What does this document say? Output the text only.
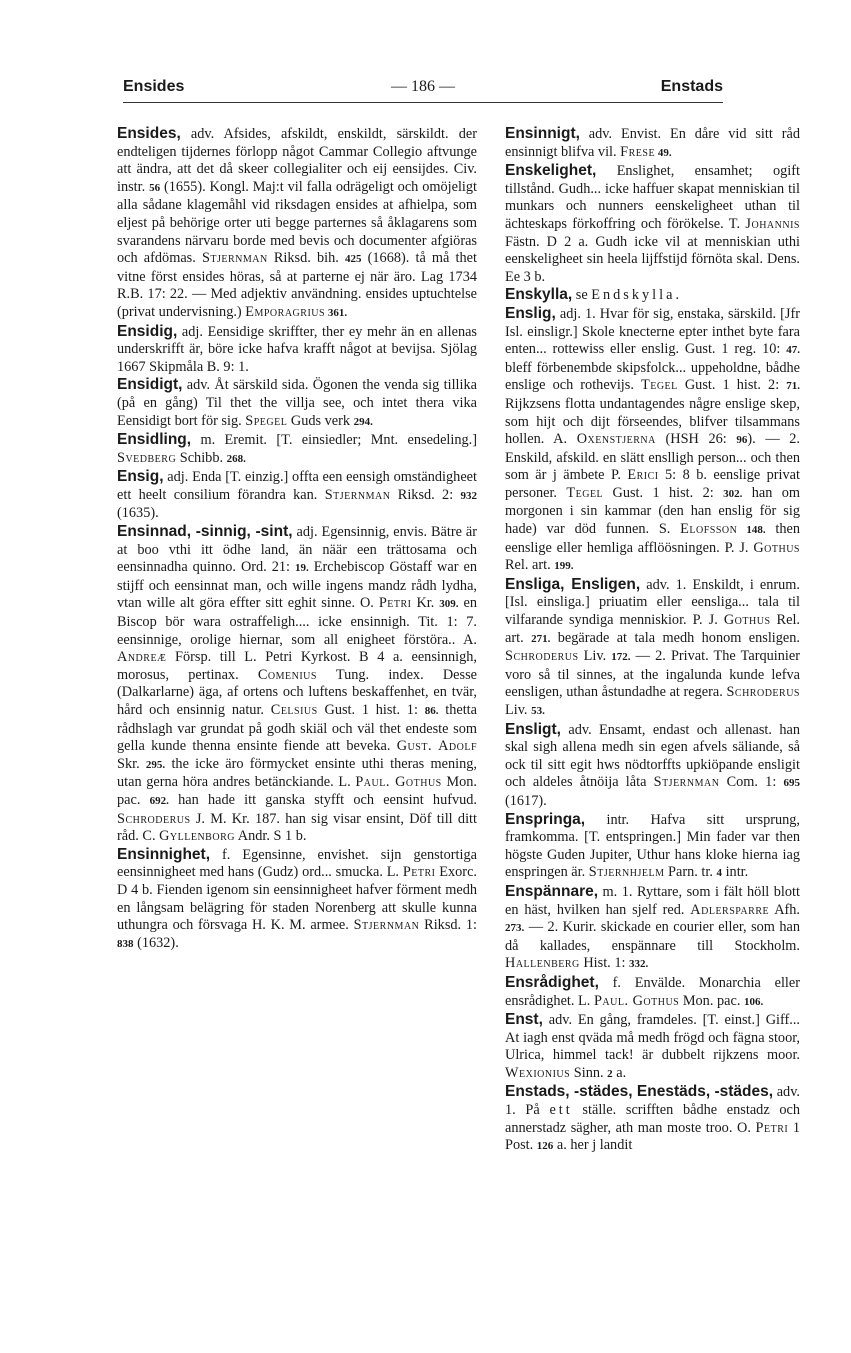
Ensides	— 186 —	Enstads

Ensides, adv. Afsides, afskildt, enskildt, särskildt. der endteligen tijdernes förlopp något Cammar Collegio aftvunge att ändra, att det då skeer collegialiter och eij eensijdes. Civ. instr. 56 (1655). Kongl. Maj:t vil falla odrägeligt och omöjeligt alla sådane klagemåhl vid riksdagen ensides at afhielpa, som eljest på behörige orter uti begge parternes så åklagarens som svarandens närvaru borde med bevis och documenter afgiöras och afdömas. Stjernman Riksd. bih. 425 (1668). tå må thet vitne först ensides höras, så at parterne ej när äro. Lag 1734 R.B. 17: 22. — Med adjektiv användning. ensides uptuchtelse (privat undervisning.) Emporagrius 361.

Ensidig, adj. Eensidige skriffter, ther ey mehr än en allenas underskrifft är, böre icke hafva krafft något at bevijsa. Sjölag 1667 Skipmåla B. 9: 1.

Ensidigt, adv. Åt särskild sida. Ögonen the venda sig tillika (på en gång) Til thet the villja see, och intet thera vika Eensidigt bort för sig. Spegel Guds verk 294.

Ensidling, m. Eremit. [T. einsiedler; Mnt. ensedeling.] Svedberg Schibb. 268.

Ensig, adj. Enda [T. einzig.] offta een eensigh omständigheet ett heelt consilium förandra kan. Stjernman Riksd. 2: 932 (1635).

Ensinnad, -sinnig, -sint, adj. Egensinnig, envis. Bätre är at boo vthi itt ödhe land, än näär een trättosama och eensinnadha quinno. Ord. 21: 19. Erchebiscop Göstaff war en stijff och eensinnat man, och wille ingens mandz rådh lydha, vtan wille alt göra effter sitt eghit sinne. O. Petri Kr. 309. en Biscop bör wara ostraffeligh.... icke ensinnigh. Tit. 1: 7. eensinnige, orolige hiernar, som all enigheet förstöra.. A. Andreæ Försp. till L. Petri Kyrkost. B 4 a. eensinnigh, morosus, pertinax. Comenius Tung. index. Desse (Dalkarlarne) äga, af ortens och luftens beskaffenhet, en tvär, hård och ensinnig natur. Celsius Gust. 1 hist. 1: 86. thetta rådhslagh var grundat på godh skiäl och väl thet endeste som gella kunde thenna ensinte fiende att beveka. Gust. Adolf Skr. 295. the icke äro förmycket ensinte uthi theras mening, utan gerna höra andres betänckiande. L. Paul. Gothus Mon. pac. 692. han hade itt ganska styfft och eensint hufvud. Schroderus J. M. Kr. 187. han sig visar ensint, Döf till ditt råd. C. Gyllenborg Andr. S 1 b.

Ensinnighet, f. Egensinne, envishet. sijn genstortiga eensinnigheet med hans (Gudz) ord... smucka. L. Petri Exorc. D 4 b. Fienden igenom sin eensinnigheet hafver förment medh en långsam belägring för staden Norenberg att skulle kunna uthungra och försvaga H. K. M. armee. Stjernman Riksd. 1: 838 (1632).

Ensinnigt, adv. Envist. En dåre vid sitt råd ensinnigt blifva vil. Frese 49.

Enskelighet, Enslighet, ensamhet; ogift tillstånd. Gudh... icke haffuer skapat menniskian til munkars och nunners eenskeligheet uthan til ächteskaps förkoffring och förökelse. T. Johannis Fästn. D 2 a. Gudh icke vil at menniskian uthi eenskeligheet sin heela lijffstijd förnöta skal. Dens. Ee 3 b.

Enskylla, se Endskylla.

Enslig, adj. 1. Hvar för sig, enstaka, särskild. [Jfr Isl. einsligr.] Skole knecterne epter inthet byte fara enten... rottewiss eller enslig. Gust. 1 reg. 10: 47. bleff förbenembde skipsfolck... uppeholdne, bådhe enslige och rothevijs. Tegel Gust. 1 hist. 2: 71. Rijkzsens flotta undantagendes någre enslige skep, som hijt och dijt förseendes, blifver tilsammans hollen. A. Oxenstjerna (HSH 26: 96). — 2. Enskild, afskild. en slätt enslligh person... och then som är j ämbete P. Erici 5: 8 b. eenslige privat personer. Tegel Gust. 1 hist. 2: 302. han om morgonen i sin kammar (den han enslig för sig hade) var död funnen. S. Elofsson 148. then eenslige eller hemliga afflöösningen. P. J. Gothus Rel. art. 199.

Ensliga, Ensligen, adv. 1. Enskildt, i enrum. [Isl. einsliga.] priuatim eller eensliga... tala til vilfarande syndiga menniskior. P. J. Gothus Rel. art. 271. begärade at tala medh honom ensligen. Schroderus Liv. 172. — 2. Privat. The Tarquinier voro så til sinnes, at the ingalunda kunde lefva eensligen, uthan åstundadhe at regera. Schroderus Liv. 53.

Ensligt, adv. Ensamt, endast och allenast. han skal sigh allena medh sin egen afvels säliande, så ock til sitt egit hws nödtorffts upkiöpande ensligit och aldeles åtnöija låta Stjernman Com. 1: 695 (1617).

Enspringa, intr. Hafva sitt ursprung, framkomma. [T. entspringen.] Min fader var then högste Guden Jupiter, Uthur hans kloke hierna iag enspringen är. Stjernhjelm Parn. tr. 4 intr.

Enspännare, m. 1. Ryttare, som i fält höll blott en häst, hvilken han sjelf red. Adlersparre Afh. 273. — 2. Kurir. skickade en courier eller, som han då kallades, enspännare till Stockholm. Hallenberg Hist. 1: 332.

Ensrådighet, f. Envälde. Monarchia eller ensrådighet. L. Paul. Gothus Mon. pac. 106.

Enst, adv. En gång, framdeles. [T. einst.] Giff... At iagh enst qväda må medh frögd och fägna stoor, Ulrica, himmel tack! är dubbelt rijkzens moor. Wexionius Sinn. 2 a.

Enstads, -städes, Enestäds, -städes, adv. 1. På ett ställe. scrifften bådhe enstadz och annerstadz sägher, ath man moste troo. O. Petri 1 Post. 126 a. her j landit
